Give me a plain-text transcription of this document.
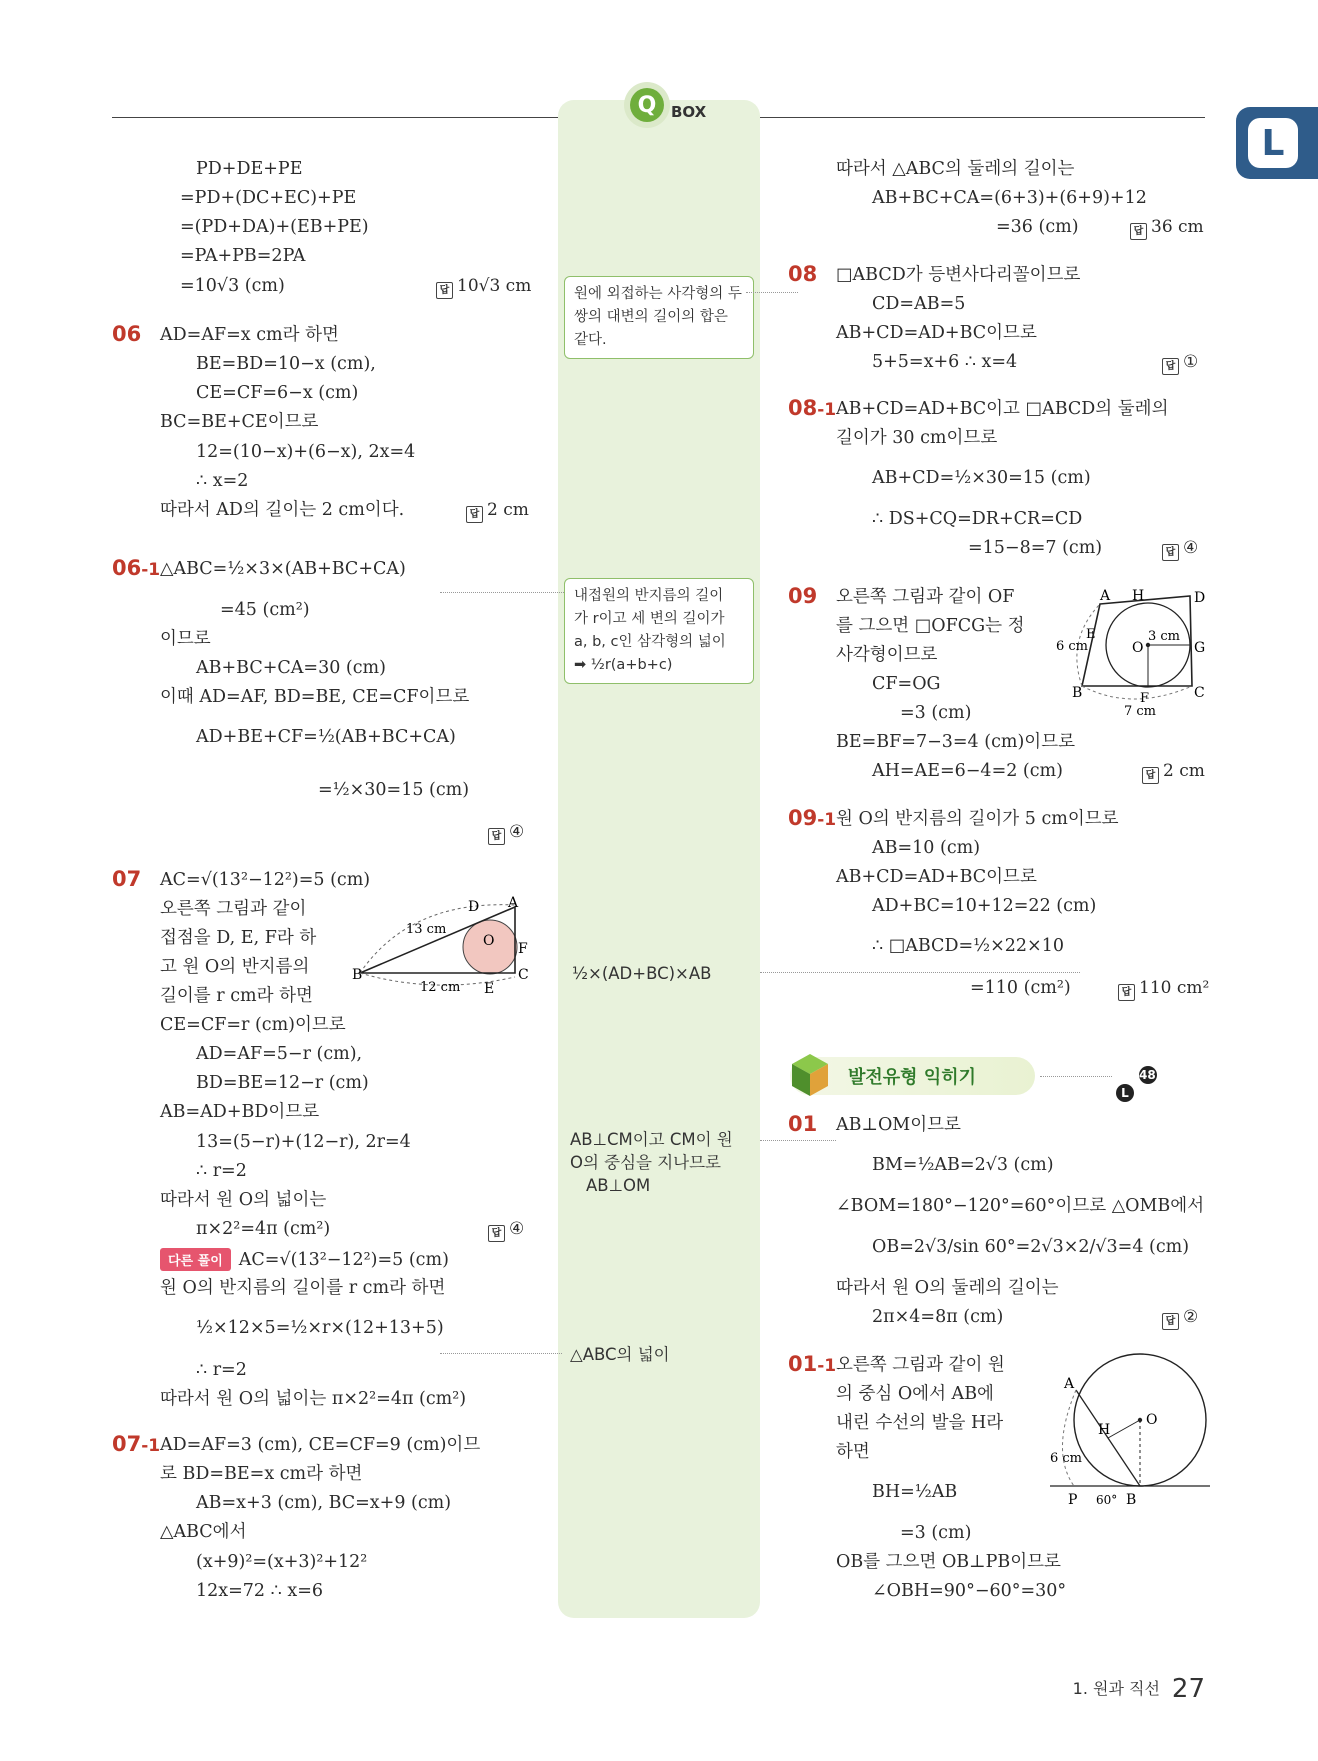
Q BOX
L
PD+DE+PE
=PD+(DC+EC)+PE
=(PD+DA)+(EB+PE)
=PA+PB=2PA
=10√3 (cm)	답 10√3 cm
06 AD=AF=x cm라 하면
BE=BD=10−x (cm),
CE=CF=6−x (cm)
BC=BE+CE이므로
12=(10−x)+(6−x), 2x=4
∴ x=2
따라서 AD의 길이는 2 cm이다.	답 2 cm
06-1 △ABC=½×3×(AB+BC+CA)
=45 (cm²)
이므로
AB+BC+CA=30 (cm)
이때 AD=AF, BD=BE, CE=CF이므로
AD+BE+CF=½(AB+BC+CA)
=½×30=15 (cm)
답 ④
07 AC=√(13²−12²)=5 (cm)
오른쪽 그림과 같이
접점을 D, E, F라 하
고 원 O의 반지름의
길이를 r cm라 하면
CE=CF=r (cm)이므로
AD=AF=5−r (cm),
BD=BE=12−r (cm)
AB=AD+BD이므로
13=(5−r)+(12−r), 2r=4
∴ r=2
따라서 원 O의 넓이는
π×2²=4π (cm²)	답 ④
다른 풀이 AC=√(13²−12²)=5 (cm)
원 O의 반지름의 길이를 r cm라 하면
½×12×5=½×r×(12+13+5)
∴ r=2
따라서 원 O의 넓이는 π×2²=4π (cm²)
B	C
A
D
E
F
O
13 cm
12 cm
07-1 AD=AF=3 (cm), CE=CF=9 (cm)이므
로 BD=BE=x cm라 하면
AB=x+3 (cm), BC=x+9 (cm)
△ABC에서
(x+9)²=(x+3)²+12²
12x=72 ∴ x=6
원에 외접하는 사각형의 두 쌍의 대변의 길이의 합은 같다.
내접원의 반지름의 길이
가 r이고 세 변의 길이가
a, b, c인 삼각형의 넓이
➡ ½r(a+b+c)
½×(AD+BC)×AB
AB⊥CM이고 CM이 원
O의 중심을 지나므로
AB⊥OM
△ABC의 넓이
따라서 △ABC의 둘레의 길이는
AB+BC+CA=(6+3)+(6+9)+12
=36 (cm)	답 36 cm
08 □ABCD가 등변사다리꼴이므로
CD=AB=5
AB+CD=AD+BC이므로
5+5=x+6 ∴ x=4	답 ①
08-1 AB+CD=AD+BC이고 □ABCD의 둘레의
길이가 30 cm이므로
AB+CD=½×30=15 (cm)
∴ DS+CQ=DR+CR=CD
=15−8=7 (cm)	답 ④
09 오른쪽 그림과 같이 OF
를 그으면 □OFCG는 정
사각형이므로
CF=OG
=3 (cm)
BE=BF=7−3=4 (cm)이므로
AH=AE=6−4=2 (cm)	답 2 cm
A H	D
E
O	G
B	F	C
6 cm
3 cm
7 cm
09-1 원 O의 반지름의 길이가 5 cm이므로
AB=10 (cm)
AB+CD=AD+BC이므로
AD+BC=10+12=22 (cm)
∴ □ABCD=½×22×10
=110 (cm²)	답 110 cm²
발전유형 익히기
L48~49쪽
01 AB⊥OM이므로
BM=½AB=2√3 (cm)
∠BOM=180°−120°=60°이므로 △OMB에서
OB=2√3/sin 60°=2√3×2/√3=4 (cm)
따라서 원 O의 둘레의 길이는
2π×4=8π (cm)	답 ②
01-1 오른쪽 그림과 같이 원
의 중심 O에서 AB에
내린 수선의 발을 H라
하면
BH=½AB
=3 (cm)
OB를 그으면 OB⊥PB이므로
∠OBH=90°−60°=30°
A
H
O
P	B
6 cm
60°
1. 원과 직선 27
